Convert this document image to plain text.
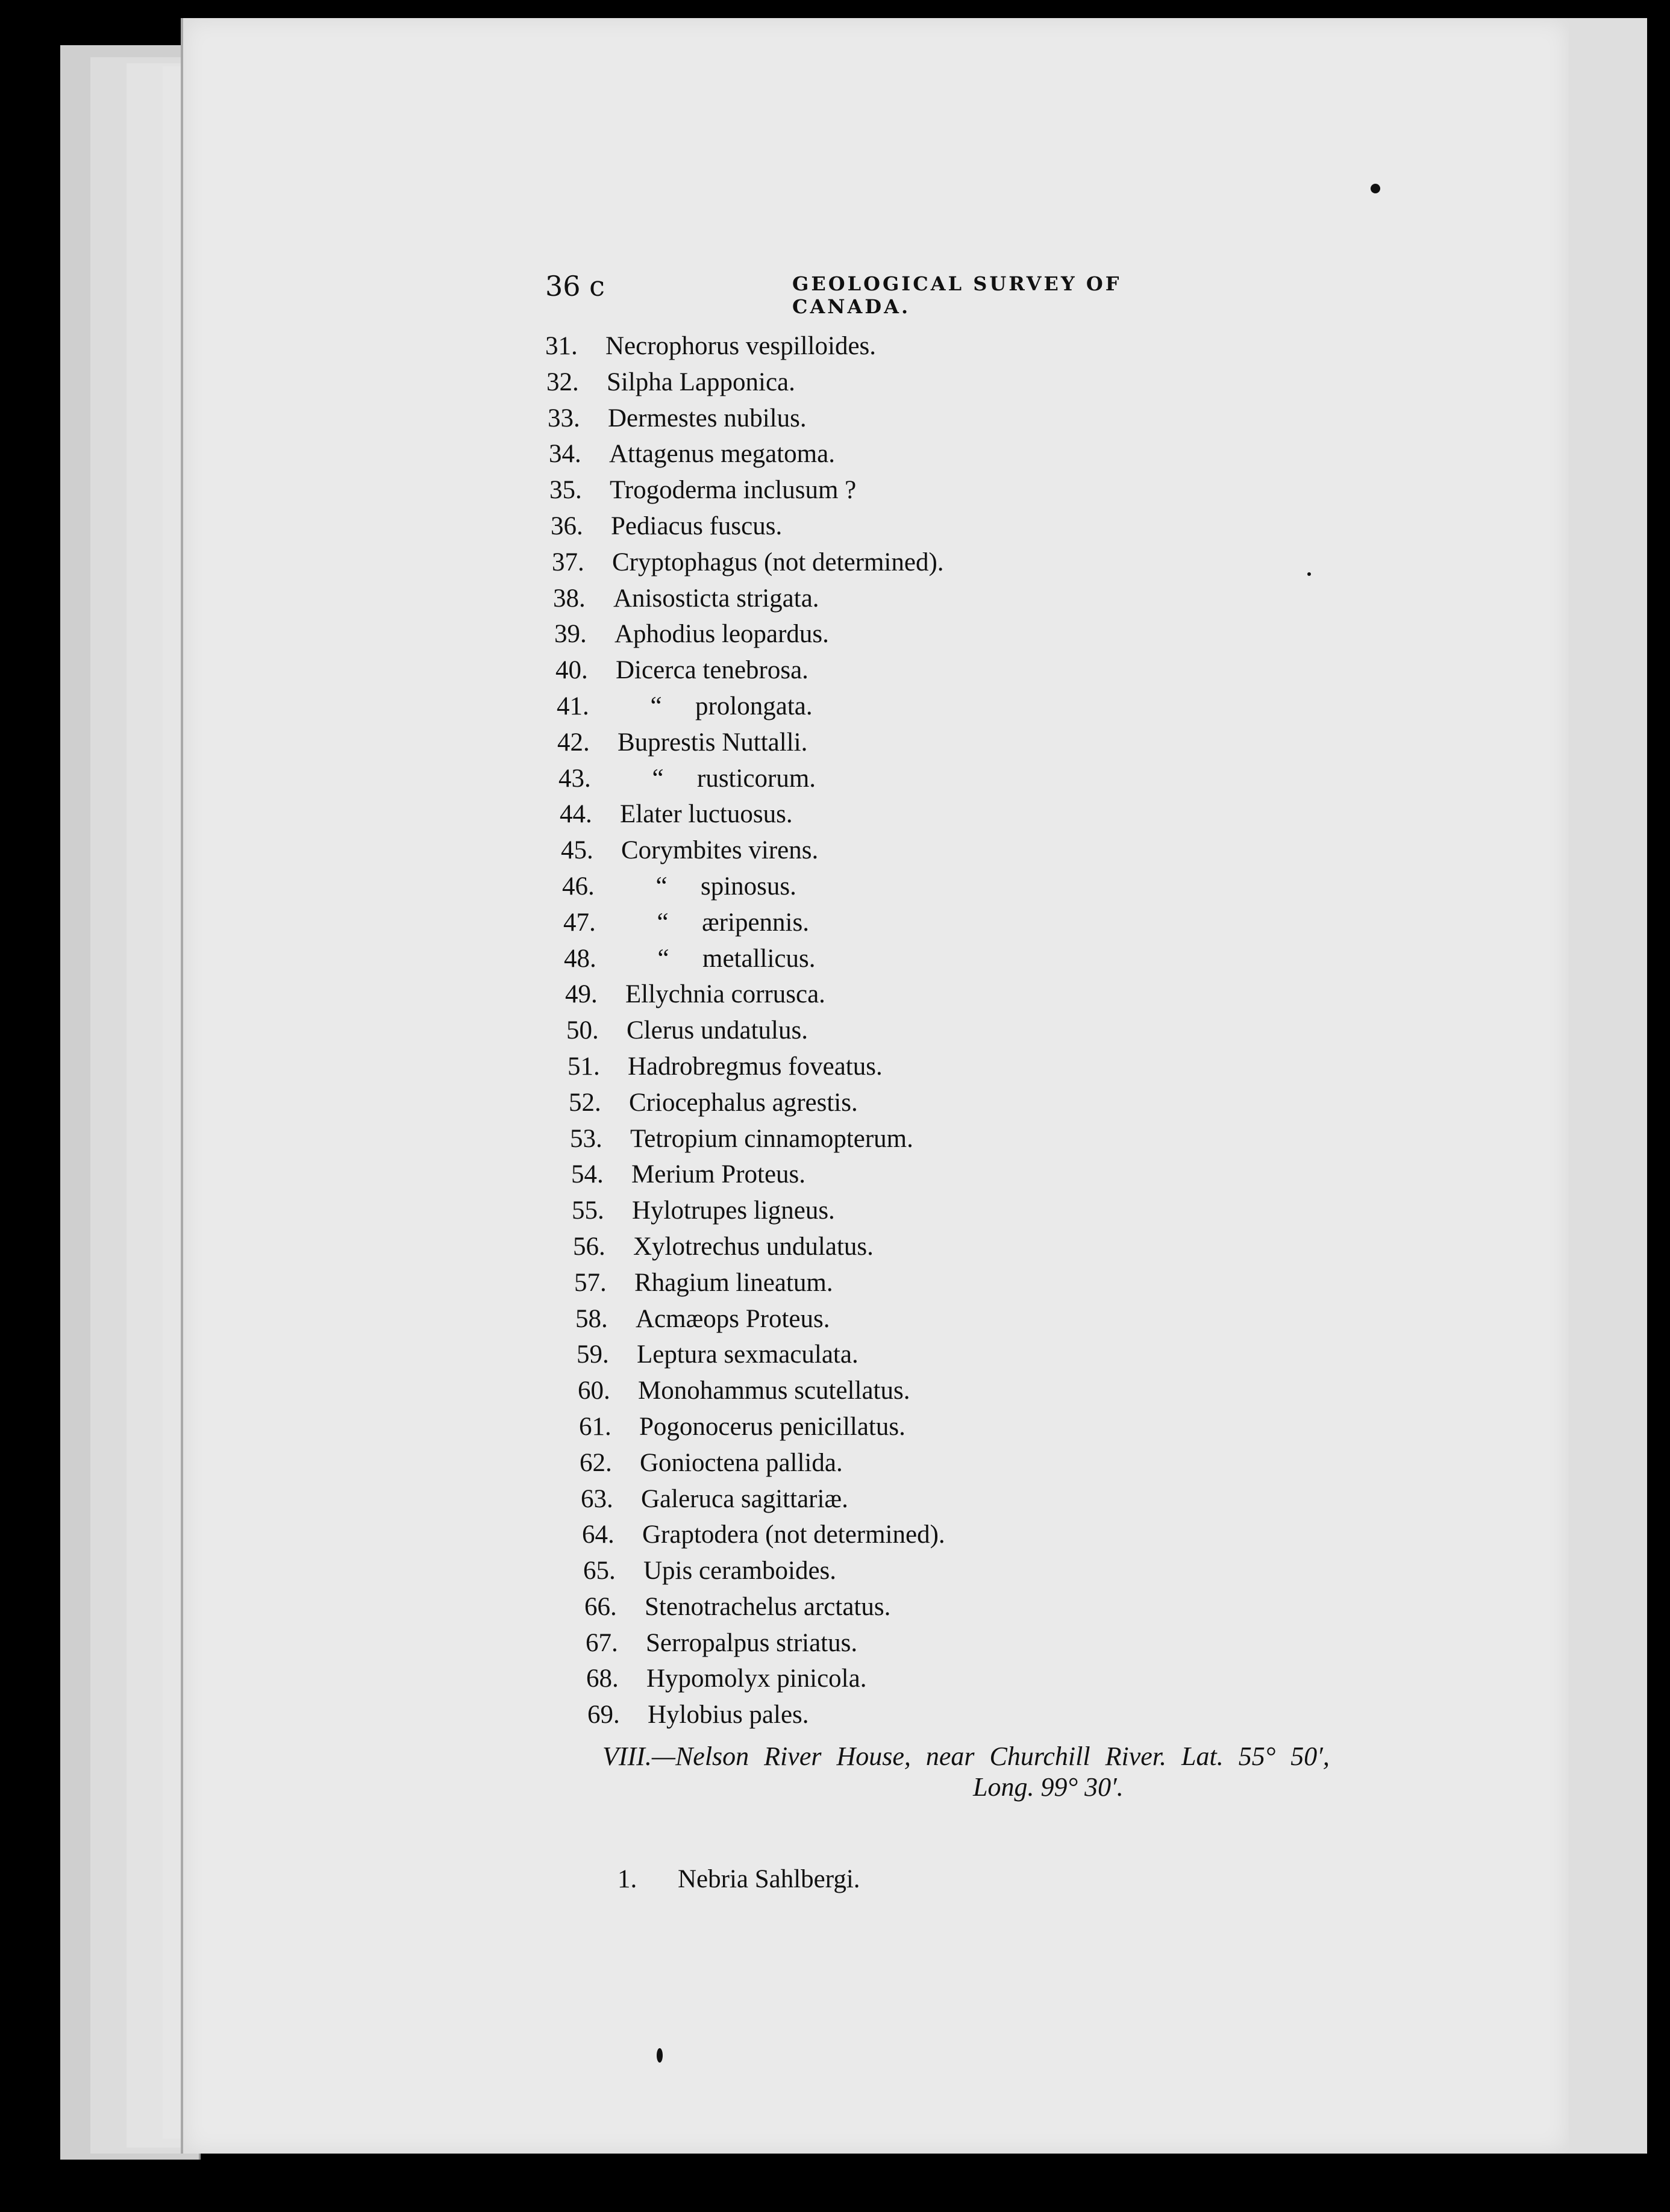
36 c	GEOLOGICAL SURVEY OF CANADA.
31.	Necrophorus vespilloides.
32.	Silpha Lapponica.
33.	Dermestes nubilus.
34.	Attagenus megatoma.
35.	Trogoderma inclusum ?
36.	Pediacus fuscus.
37.	Cryptophagus (not determined).
38.	Anisosticta strigata.
39.	Aphodius leopardus.
40.	Dicerca tenebrosa.
41.	“ prolongata.
42.	Buprestis Nuttalli.
43.	“ rusticorum.
44.	Elater luctuosus.
45.	Corymbites virens.
46.	“ spinosus.
47.	“ æripennis.
48.	“ metallicus.
49.	Ellychnia corrusca.
50.	Clerus undatulus.
51.	Hadrobregmus foveatus.
52.	Criocephalus agrestis.
53.	Tetropium cinnamopterum.
54.	Merium Proteus.
55.	Hylotrupes ligneus.
56.	Xylotrechus undulatus.
57.	Rhagium lineatum.
58.	Acmæops Proteus.
59.	Leptura sexmaculata.
60.	Monohammus scutellatus.
61.	Pogonocerus penicillatus.
62.	Gonioctena pallida.
63.	Galeruca sagittariæ.
64.	Graptodera (not determined).
65.	Upis ceramboides.
66.	Stenotrachelus arctatus.
67.	Serropalpus striatus.
68.	Hypomolyx pinicola.
69.	Hylobius pales.
VIII.—Nelson River House, near Churchill River. Lat. 55° 50′,
Long. 99° 30′.
1.	Nebria Sahlbergi.
